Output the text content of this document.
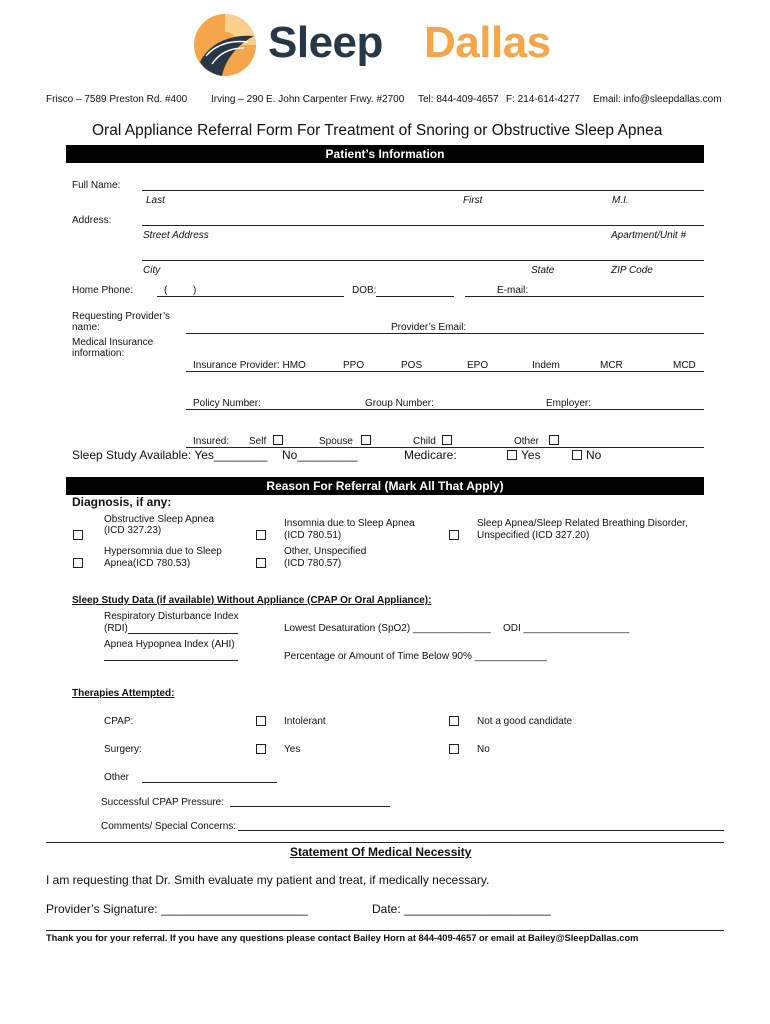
Sleep Dallas
Frisco – 7589 Preston Rd. #400 Irving – 290 E. John Carpenter Frwy. #2700 Tel: 844-409-4657 F: 214-614-4277 Email: info@sleepdallas.com
Oral Appliance Referral Form For Treatment of Snoring or Obstructive Sleep Apnea
Patient’s Information
Full Name:
Last	First	M.I.
Address:
Street Address	Apartment/Unit #
City	State	ZIP Code
Home Phone:	(	)	DOB:	E-mail:
Requesting Provider’s
name:	Provider’s Email:
Medical Insurance
information:
Insurance Provider: HMO	PPO	POS	EPO	Indem	MCR	MCD
Policy Number:	Group Number:	Employer:
Insured: Self	Spouse	Child	Other
Sleep Study Available: Yes________ No_________	Medicare:	Yes	No
Reason For Referral (Mark All That Apply)
Diagnosis, if any:
Obstructive Sleep Apnea
(ICD 327.23)
Insomnia due to Sleep Apnea
(ICD 780.51)
Sleep Apnea/Sleep Related Breathing Disorder,
Unspecified (ICD 327.20)
Hypersomnia due to Sleep
Apnea(ICD 780.53)
Other, Unspecified
(ICD 780.57)
Sleep Study Data (if available) Without Appliance (CPAP Or Oral Appliance):
Respiratory Disturbance Index
(RDI)	Lowest Desaturation (SpO2) ______________ ODI ___________________
Apnea Hypopnea Index (AHI)
Percentage or Amount of Time Below 90% _____________
Therapies Attempted:
CPAP:	Intolerant	Not a good candidate
Surgery:	Yes	No
Other
Successful CPAP Pressure:
Comments/ Special Concerns:
Statement Of Medical Necessity
I am requesting that Dr. Smith evaluate my patient and treat, if medically necessary.
Provider’s Signature: ______________________	Date: ______________________
Thank you for your referral. If you have any questions please contact Bailey Horn at 844-409-4657 or email at Bailey@SleepDallas.com
